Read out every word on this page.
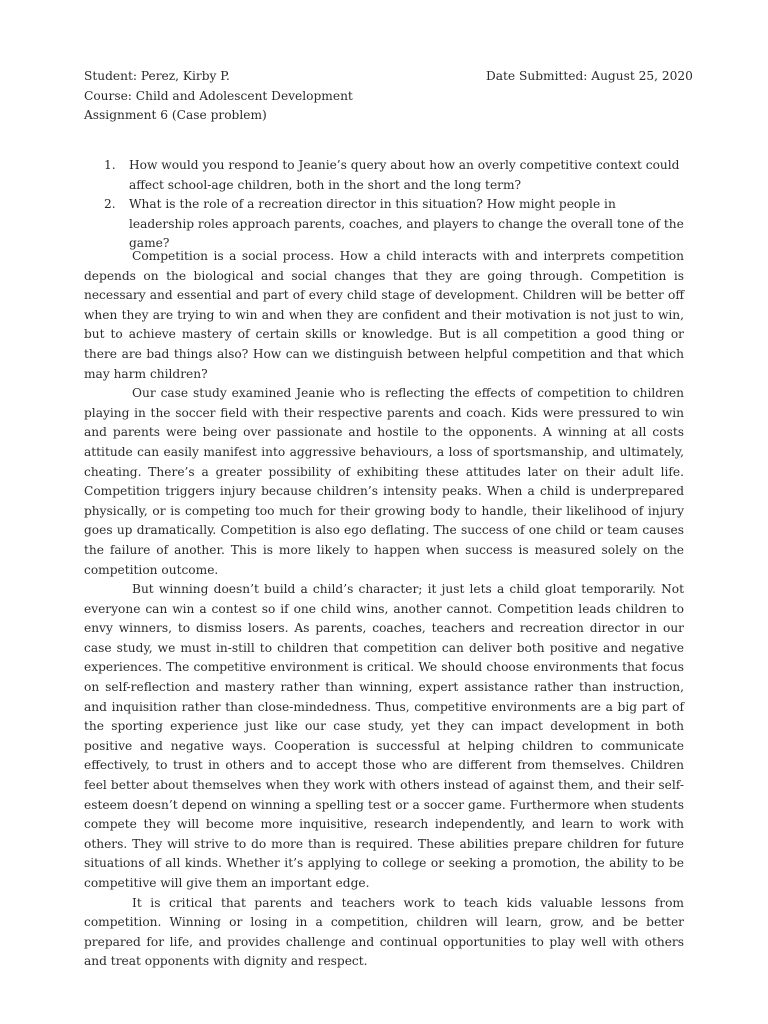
Student: Perez, Kirby P.	Date Submitted: August 25, 2020
Course: Child and Adolescent Development
Assignment 6 (Case problem)
1. How would you respond to Jeanie’s query about how an overly competitive context could affect school-age children, both in the short and the long term?
2. What is the role of a recreation director in this situation? How might people in leadership roles approach parents, coaches, and players to change the overall tone of the game?

Competition is a social process. How a child interacts with and interprets competition depends on the biological and social changes that they are going through. Competition is necessary and essential and part of every child stage of development. Children will be better off when they are trying to win and when they are confident and their motivation is not just to win, but to achieve mastery of certain skills or knowledge. But is all competition a good thing or there are bad things also? How can we distinguish between helpful competition and that which may harm children?

Our case study examined Jeanie who is reflecting the effects of competition to children playing in the soccer field with their respective parents and coach. Kids were pressured to win and parents were being over passionate and hostile to the opponents. A winning at all costs attitude can easily manifest into aggressive behaviours, a loss of sportsmanship, and ultimately, cheating. There’s a greater possibility of exhibiting these attitudes later on their adult life. Competition triggers injury because children’s intensity peaks. When a child is underprepared physically, or is competing too much for their growing body to handle, their likelihood of injury goes up dramatically. Competition is also ego deflating. The success of one child or team causes the failure of another. This is more likely to happen when success is measured solely on the competition outcome.

But winning doesn’t build a child’s character; it just lets a child gloat temporarily. Not everyone can win a contest so if one child wins, another cannot. Competition leads children to envy winners, to dismiss losers. As parents, coaches, teachers and recreation director in our case study, we must in-still to children that competition can deliver both positive and negative experiences. The competitive environment is critical. We should choose environments that focus on self-reflection and mastery rather than winning, expert assistance rather than instruction, and inquisition rather than close-mindedness. Thus, competitive environments are a big part of the sporting experience just like our case study, yet they can impact development in both positive and negative ways. Cooperation is successful at helping children to communicate effectively, to trust in others and to accept those who are different from themselves. Children feel better about themselves when they work with others instead of against them, and their self-esteem doesn’t depend on winning a spelling test or a soccer game. Furthermore when students compete they will become more inquisitive, research independently, and learn to work with others. They will strive to do more than is required. These abilities prepare children for future situations of all kinds. Whether it’s applying to college or seeking a promotion, the ability to be competitive will give them an important edge.

It is critical that parents and teachers work to teach kids valuable lessons from competition. Winning or losing in a competition, children will learn, grow, and be better prepared for life, and provides challenge and continual opportunities to play well with others and treat opponents with dignity and respect.
